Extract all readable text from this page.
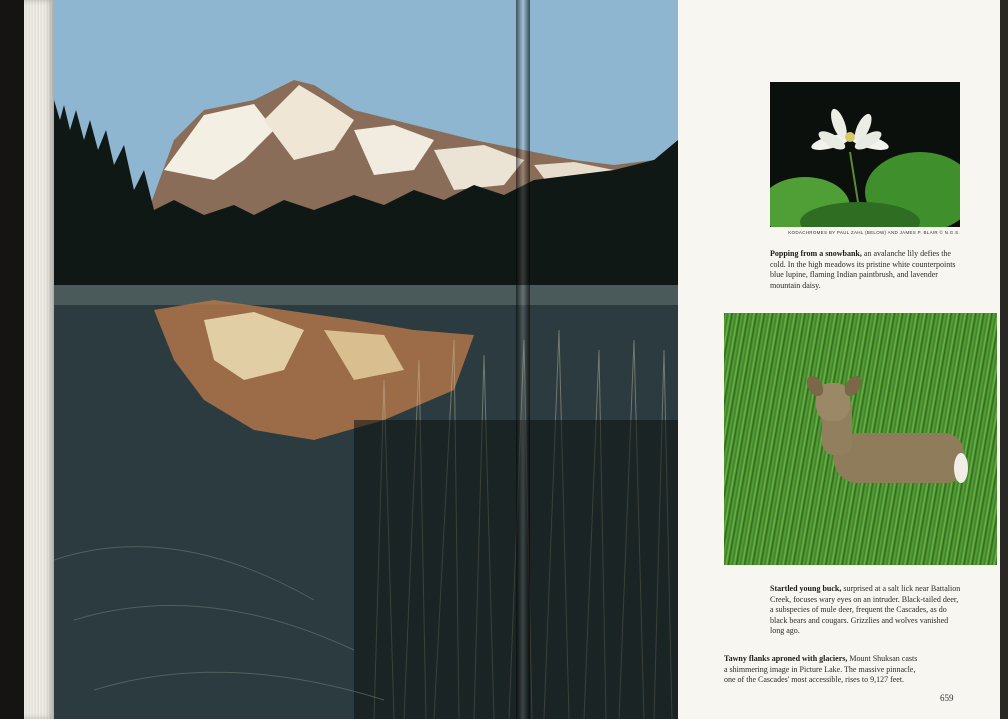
KODACHROMES BY PAUL ZAHL (BELOW) AND JAMES P. BLAIR © N.G.S.

Popping from a snowbank, an avalanche lily defies the cold. In the high meadows its pristine white counterpoints blue lupine, flaming Indian paintbrush, and lavender mountain daisy.

Startled young buck, surprised at a salt lick near Battalion Creek, focuses wary eyes on an intruder. Black-tailed deer, a subspecies of mule deer, frequent the Cascades, as do black bears and cougars. Grizzlies and wolves vanished long ago.

Tawny flanks aproned with glaciers, Mount Shuksan casts a shimmering image in Picture Lake. The massive pinnacle, one of the Cascades' most accessible, rises to 9,127 feet.

659
